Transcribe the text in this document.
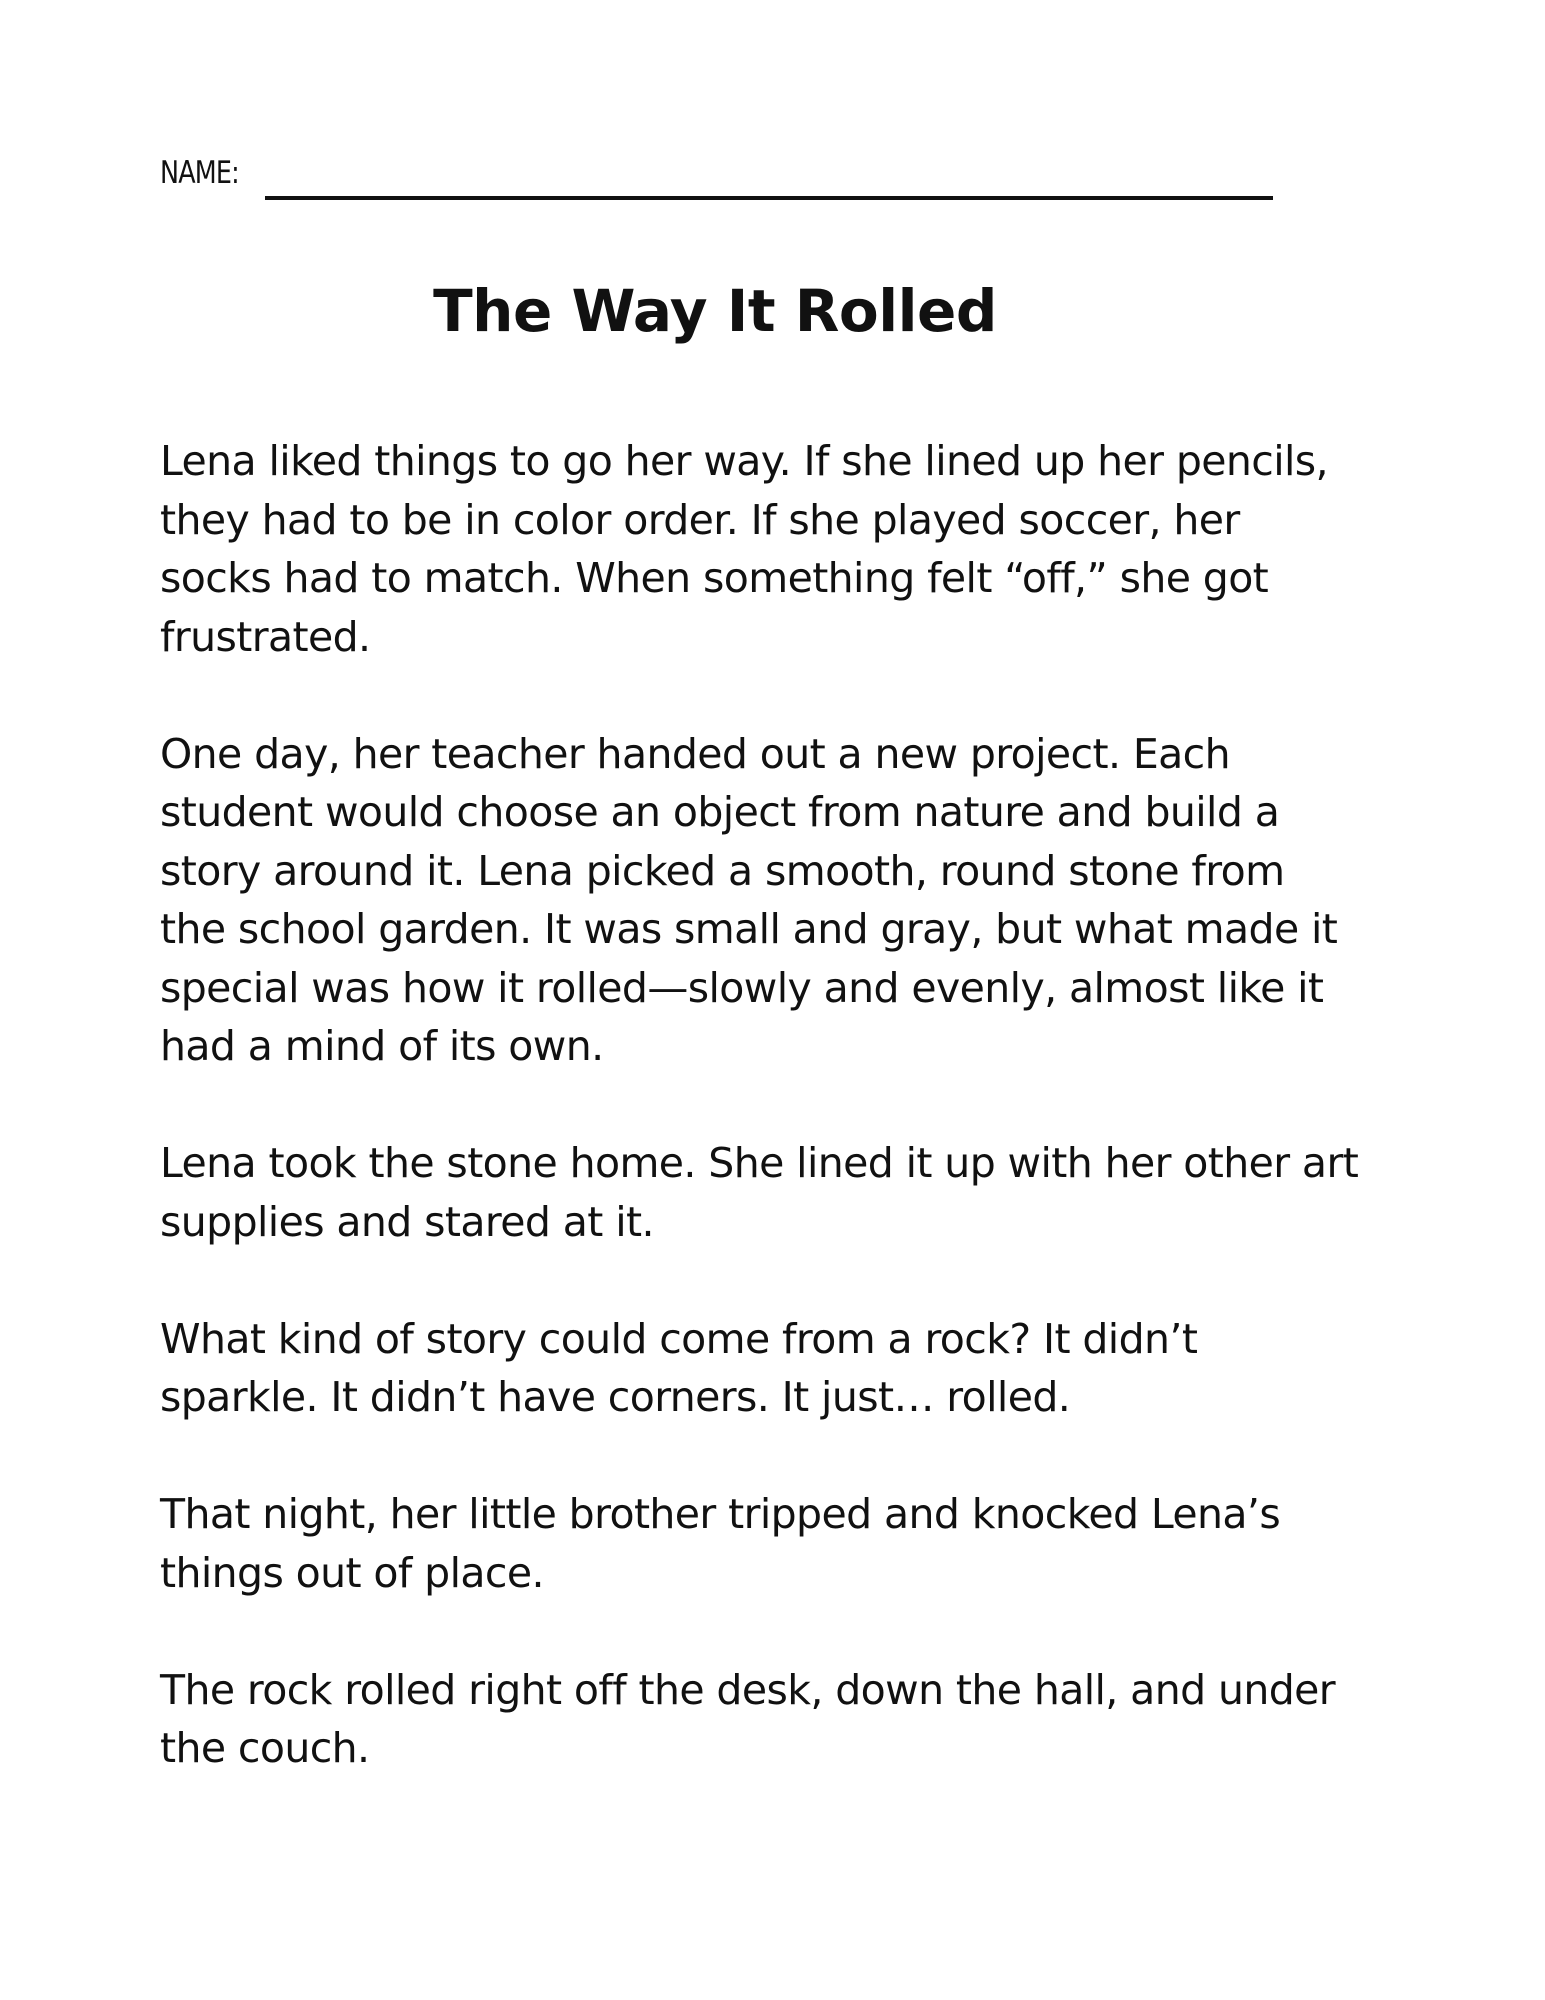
NAME:
The Way It Rolled

Lena liked things to go her way. If she lined up her pencils,
they had to be in color order. If she played soccer, her
socks had to match. When something felt “off,” she got
frustrated.

One day, her teacher handed out a new project. Each
student would choose an object from nature and build a
story around it. Lena picked a smooth, round stone from
the school garden. It was small and gray, but what made it
special was how it rolled—slowly and evenly, almost like it
had a mind of its own.

Lena took the stone home. She lined it up with her other art
supplies and stared at it.

What kind of story could come from a rock? It didn’t
sparkle. It didn’t have corners. It just… rolled.

That night, her little brother tripped and knocked Lena’s
things out of place.

The rock rolled right off the desk, down the hall, and under
the couch.
